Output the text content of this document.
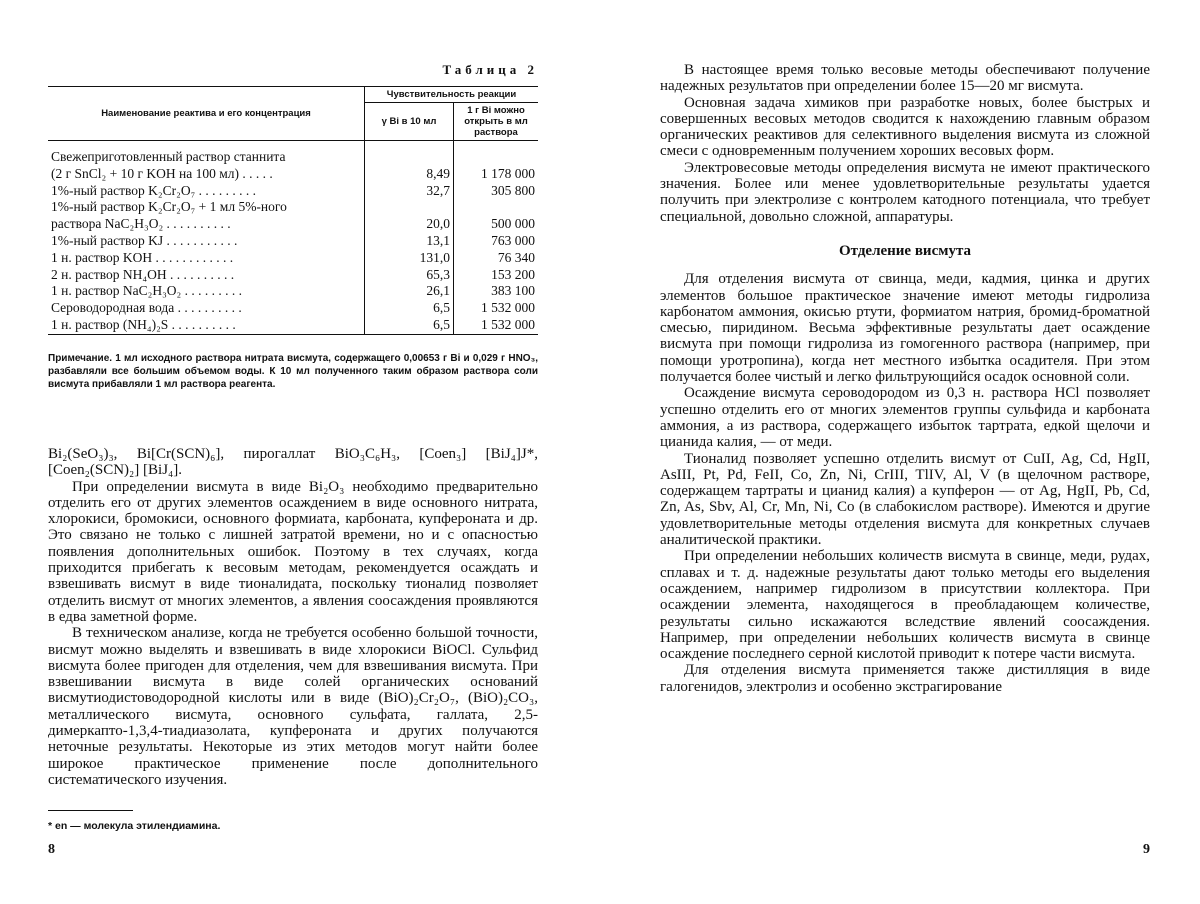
Таблица 2
Наименование реактива и его концентрация	Чувствительность реакции	
	γ Bi в 10 мл	1 г Bi можно открыть в мл раствора

Свежеприготовленный раствор станнита		
(2 г SnCl₂ + 10 г KOH на 100 мл) . . . . .	8,49	1 178 000
1%-ный раствор K₂Cr₂O₇ . . . . . . . . .	32,7	305 800
1%-ный раствор K₂Cr₂O₇ + 1 мл 5%-ного		
раствора NaC₂H₃O₂ . . . . . . . . . .	20,0	500 000
1%-ный раствор KJ . . . . . . . . . . .	13,1	763 000
1 н. раствор KOH . . . . . . . . . . . .	131,0	76 340
2 н. раствор NH₄OH . . . . . . . . . .	65,3	153 200
1 н. раствор NaC₂H₃O₂ . . . . . . . . .	26,1	383 100
Сероводородная вода . . . . . . . . . .	6,5	1 532 000
1 н. раствор (NH₄)₂S . . . . . . . . . .	6,5	1 532 000
Примечание. 1 мл исходного раствора нитрата висмута, содержащего 0,00653 г Bi и 0,029 г HNO₃, разбавляли все большим объемом воды. К 10 мл полученного таким образом раствора соли висмута прибавляли 1 мл раствора реагента.

Bi₂(SeO₃)₃, Bi[Cr(SCN)₆], пирогаллат BiO₃C₆H₃, [Coen₃] [BiJ₄]J*, [Coen₂(SCN)₂] [BiJ₄].

При определении висмута в виде Bi₂O₃ необходимо предварительно отделить его от других элементов осаждением в виде основного нитрата, хлорокиси, бромокиси, основного формиата, карбоната, купфероната и др. Это связано не только с лишней затратой времени, но и с опасностью появления дополнительных ошибок. Поэтому в тех случаях, когда приходится прибегать к весовым методам, рекомендуется осаждать и взвешивать висмут в виде тионалидата, поскольку тионалид позволяет отделить висмут от многих элементов, а явления соосаждения проявляются в едва заметной форме.

В техническом анализе, когда не требуется особенно большой точности, висмут можно выделять и взвешивать в виде хлорокиси BiOCl. Сульфид висмута более пригоден для отделения, чем для взвешивания висмута. При взвешивании висмута в виде солей органических оснований висмутиодистоводородной кислоты или в виде (BiO)₂Cr₂O₇, (BiO)₂CO₃, металлического висмута, основного сульфата, галлата, 2,5-димеркапто-1,3,4-тиадиазолата, купфероната и других получаются неточные результаты. Некоторые из этих методов могут найти более широкое практическое применение после дополнительного систематического изучения.

* en — молекула этилендиамина.
8

В настоящее время только весовые методы обеспечивают получение надежных результатов при определении более 15—20 мг висмута.

Основная задача химиков при разработке новых, более быстрых и совершенных весовых методов сводится к нахождению главным образом органических реактивов для селективного выделения висмута из сложной смеси с одновременным получением хороших весовых форм.

Электровесовые методы определения висмута не имеют практического значения. Более или менее удовлетворительные результаты удается получить при электролизе с контролем катодного потенциала, что требует специальной, довольно сложной, аппаратуры.

Отделение висмута

Для отделения висмута от свинца, меди, кадмия, цинка и других элементов большое практическое значение имеют методы гидролиза карбонатом аммония, окисью ртути, формиатом натрия, бромид-броматной смесью, пиридином. Весьма эффективные результаты дает осаждение висмута при помощи гидролиза из гомогенного раствора (например, при помощи уротропина), когда нет местного избытка осадителя. При этом получается более чистый и легко фильтрующийся осадок основной соли.

Осаждение висмута сероводородом из 0,3 н. раствора HCl позволяет успешно отделить его от многих элементов группы сульфида и карбоната аммония, а из раствора, содержащего избыток тартрата, едкой щелочи и цианида калия, — от меди.

Тионалид позволяет успешно отделить висмут от CuII, Ag, Cd, HgII, AsIII, Pt, Pd, FeII, Co, Zn, Ni, CrIII, TlIV, Al, V (в щелочном растворе, содержащем тартраты и цианид калия) а купферон — от Ag, HgII, Pb, Cd, Zn, As, Sbv, Al, Cr, Mn, Ni, Co (в слабокислом растворе). Имеются и другие удовлетворительные методы отделения висмута для конкретных случаев аналитической практики.

При определении небольших количеств висмута в свинце, меди, рудах, сплавах и т. д. надежные результаты дают только методы его выделения осаждением, например гидролизом в присутствии коллектора. При осаждении элемента, находящегося в преобладающем количестве, результаты сильно искажаются вследствие явлений соосаждения. Например, при определении небольших количеств висмута в свинце осаждение последнего серной кислотой приводит к потере части висмута.

Для отделения висмута применяется также дистилляция в виде галогенидов, электролиз и особенно экстрагирование

9
